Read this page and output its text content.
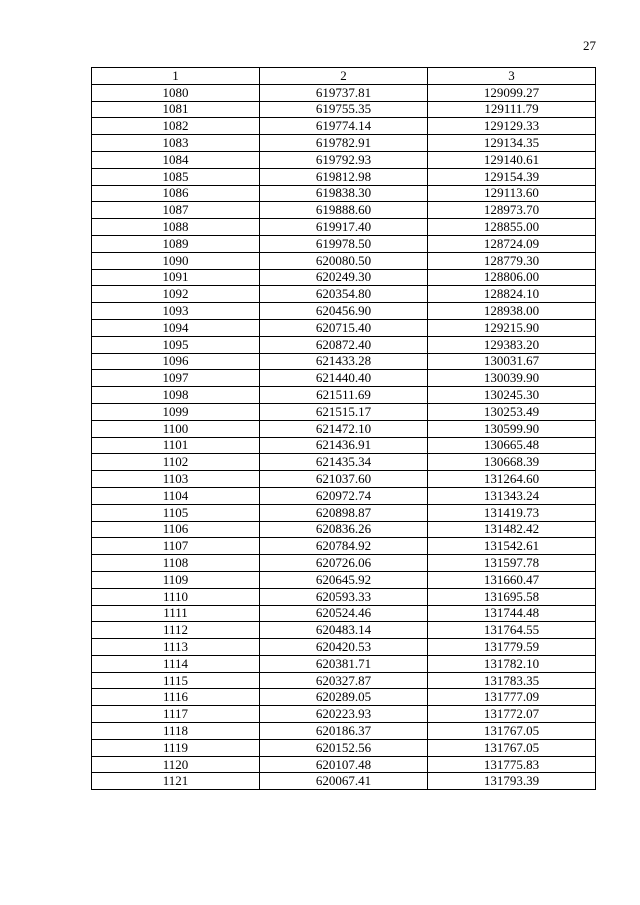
27
1	2	3
1080	619737.81	129099.27
1081	619755.35	129111.79
1082	619774.14	129129.33
1083	619782.91	129134.35
1084	619792.93	129140.61
1085	619812.98	129154.39
1086	619838.30	129113.60
1087	619888.60	128973.70
1088	619917.40	128855.00
1089	619978.50	128724.09
1090	620080.50	128779.30
1091	620249.30	128806.00
1092	620354.80	128824.10
1093	620456.90	128938.00
1094	620715.40	129215.90
1095	620872.40	129383.20
1096	621433.28	130031.67
1097	621440.40	130039.90
1098	621511.69	130245.30
1099	621515.17	130253.49
1100	621472.10	130599.90
1101	621436.91	130665.48
1102	621435.34	130668.39
1103	621037.60	131264.60
1104	620972.74	131343.24
1105	620898.87	131419.73
1106	620836.26	131482.42
1107	620784.92	131542.61
1108	620726.06	131597.78
1109	620645.92	131660.47
1110	620593.33	131695.58
1111	620524.46	131744.48
1112	620483.14	131764.55
1113	620420.53	131779.59
1114	620381.71	131782.10
1115	620327.87	131783.35
1116	620289.05	131777.09
1117	620223.93	131772.07
1118	620186.37	131767.05
1119	620152.56	131767.05
1120	620107.48	131775.83
1121	620067.41	131793.39
